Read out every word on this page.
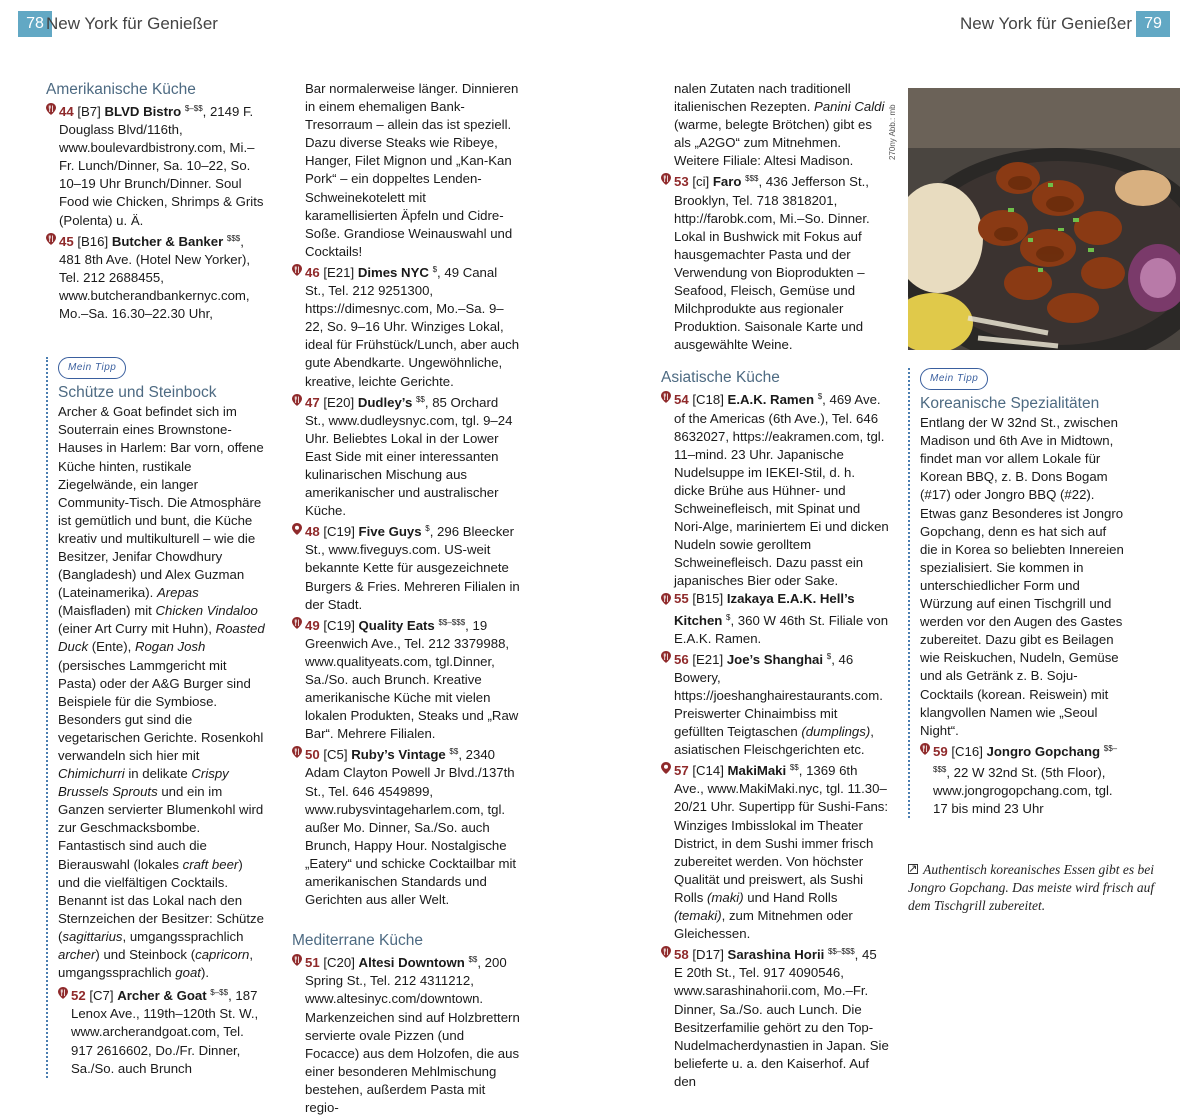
78 New York für Genießer	New York für Genießer 79

Amerikanische Küche

44 [B7] BLVD Bistro $–$$, 2149 F. Douglass Blvd/116th, www.boulevardbistrony.com, Mi.–Fr. Lunch/Dinner, Sa. 10–22, So. 10–19 Uhr Brunch/Dinner. Soul Food wie Chicken, Shrimps & Grits (Polenta) u. Ä.

45 [B16] Butcher & Banker $$$, 481 8th Ave. (Hotel New Yorker), Tel. 212 2688455, www.butcherandbankernyc.com, Mo.–Sa. 16.30–22.30 Uhr,

Mein Tipp

Schütze und Steinbock

Archer & Goat befindet sich im Souterrain eines Brownstone-Hauses in Harlem: Bar vorn, offene Küche hinten, rustikale Ziegelwände, ein langer Community-Tisch. Die Atmosphäre ist gemütlich und bunt, die Küche kreativ und multikulturell – wie die Besitzer, Jenifar Chowdhury (Bangladesh) und Alex Guzman (Lateinamerika). Arepas (Maisfladen) mit Chicken Vindaloo (einer Art Curry mit Huhn), Roasted Duck (Ente), Rogan Josh (persisches Lammgericht mit Pasta) oder der A&G Burger sind Beispiele für die Symbiose. Besonders gut sind die vegetarischen Gerichte. Rosenkohl verwandeln sich hier mit Chimichurri in delikate Crispy Brussels Sprouts und ein im Ganzen servierter Blumenkohl wird zur Geschmacksbombe. Fantastisch sind auch die Bierauswahl (lokales craft beer) und die vielfältigen Cocktails. Benannt ist das Lokal nach den Sternzeichen der Besitzer: Schütze (sagittarius, umgangssprachlich archer) und Steinbock (capricorn, umgangssprachlich goat).

52 [C7] Archer & Goat $–$$, 187 Lenox Ave., 119th–120th St. W., www.archerandgoat.com, Tel. 917 2616602, Do./Fr. Dinner, Sa./So. auch Brunch

Bar normalerweise länger. Dinnieren in einem ehemaligen Bank-Tresorraum – allein das ist speziell. Dazu diverse Steaks wie Ribeye, Hanger, Filet Mignon und „Kan-Kan Pork“ – ein doppeltes Lenden-Schweinekotelett mit karamellisierten Äpfeln und Cidre-Soße. Grandiose Weinauswahl und Cocktails!

46 [E21] Dimes NYC $, 49 Canal St., Tel. 212 9251300, https://dimesnyc.com, Mo.–Sa. 9–22, So. 9–16 Uhr. Winziges Lokal, ideal für Frühstück/Lunch, aber auch gute Abendkarte. Ungewöhnliche, kreative, leichte Gerichte.

47 [E20] Dudley’s $$, 85 Orchard St., www.dudleysnyc.com, tgl. 9–24 Uhr. Beliebtes Lokal in der Lower East Side mit einer interessanten kulinarischen Mischung aus amerikanischer und australischer Küche.

48 [C19] Five Guys $, 296 Bleecker St., www.fiveguys.com. US-weit bekannte Kette für ausgezeichnete Burgers & Fries. Mehreren Filialen in der Stadt.

49 [C19] Quality Eats $$–$$$, 19 Greenwich Ave., Tel. 212 3379988, www.qualityeats.com, tgl.Dinner, Sa./So. auch Brunch. Kreative amerikanische Küche mit vielen lokalen Produkten, Steaks und „Raw Bar“. Mehrere Filialen.

50 [C5] Ruby’s Vintage $$, 2340 Adam Clayton Powell Jr Blvd./137th St., Tel. 646 4549899, www.rubysvintageharlem.com, tgl. außer Mo. Dinner, Sa./So. auch Brunch, Happy Hour. Nostalgische „Eatery“ und schicke Cocktailbar mit amerikanischen Standards und Gerichten aus aller Welt.

Mediterrane Küche

51 [C20] Altesi Downtown $$, 200 Spring St., Tel. 212 4311212, www.altesinyc.com/downtown. Markenzeichen sind auf Holzbrettern servierte ovale Pizzen (und Focacce) aus dem Holzofen, die aus einer besonderen Mehlmischung bestehen, außerdem Pasta mit regio-

nalen Zutaten nach traditionell italienischen Rezepten. Panini Caldi (warme, belegte Brötchen) gibt es als „A2GO“ zum Mitnehmen. Weitere Filiale: Altesi Madison.

53 [ci] Faro $$$, 436 Jefferson St., Brooklyn, Tel. 718 3818201, http://farobk.com, Mi.–So. Dinner. Lokal in Bushwick mit Fokus auf hausgemachter Pasta und der Verwendung von Bioprodukten – Seafood, Fleisch, Gemüse und Milchprodukte aus regionaler Produktion. Saisonale Karte und ausgewählte Weine.

Asiatische Küche

54 [C18] E.A.K. Ramen $, 469 Ave. of the Americas (6th Ave.), Tel. 646 8632027, https://eakramen.com, tgl. 11–mind. 23 Uhr. Japanische Nudelsuppe im IEKEI-Stil, d. h. dicke Brühe aus Hühner- und Schweinefleisch, mit Spinat und Nori-Alge, mariniertem Ei und dicken Nudeln sowie gerolltem Schweinefleisch. Dazu passt ein japanisches Bier oder Sake.

55 [B15] Izakaya E.A.K. Hell’s Kitchen $, 360 W 46th St. Filiale von E.A.K. Ramen.

56 [E21] Joe’s Shanghai $, 46 Bowery, https://joeshanghairestaurants.com. Preiswerter Chinaimbiss mit gefüllten Teigtaschen (dumplings), asiatischen Fleischgerichten etc.

57 [C14] MakiMaki $$, 1369 6th Ave., www.MakiMaki.nyc, tgl. 11.30–20/21 Uhr. Supertipp für Sushi-Fans: Winziges Imbisslokal im Theater District, in dem Sushi immer frisch zubereitet werden. Von höchster Qualität und preiswert, als Sushi Rolls (maki) und Hand Rolls (temaki), zum Mitnehmen oder Gleichessen.

58 [D17] Sarashina Horii $$–$$$, 45 E 20th St., Tel. 917 4090546, www.sarashinahorii.com, Mo.–Fr. Dinner, Sa./So. auch Lunch. Die Besitzerfamilie gehört zu den Top-Nudelmacherdynastien in Japan. Sie belieferte u. a. den Kaiserhof. Auf den

270ny Abb.: mb
Mein Tipp

Koreanische Spezialitäten

Entlang der W 32nd St., zwischen Madison und 6th Ave in Midtown, findet man vor allem Lokale für Korean BBQ, z. B. Dons Bogam (#17) oder Jongro BBQ (#22). Etwas ganz Besonderes ist Jongro Gopchang, denn es hat sich auf die in Korea so beliebten Innereien spezialisiert. Sie kommen in unterschiedlicher Form und Würzung auf einen Tischgrill und werden vor den Augen des Gastes zubereitet. Dazu gibt es Beilagen wie Reiskuchen, Nudeln, Gemüse und als Getränk z. B. Soju-Cocktails (korean. Reiswein) mit klangvollen Namen wie „Seoul Night“.

59 [C16] Jongro Gopchang $$–$$$, 22 W 32nd St. (5th Floor), www.jongrogopchang.com, tgl. 17 bis mind 23 Uhr

Authentisch koreanisches Essen gibt es bei Jongro Gopchang. Das meiste wird frisch auf dem Tischgrill zubereitet.
